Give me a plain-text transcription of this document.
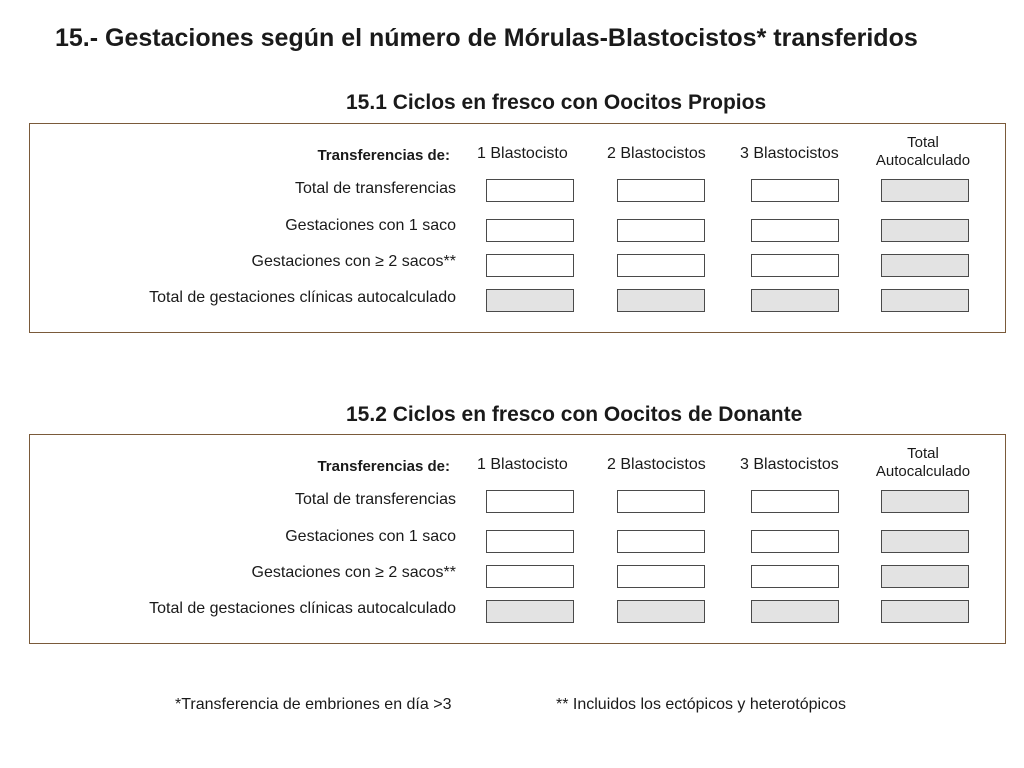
15.- Gestaciones según el número de Mórulas-Blastocistos* transferidos
15.1 Ciclos en fresco con Oocitos Propios
Transferencias de: 1 Blastocisto 2 Blastocistos 3 Blastocistos
Total
Autocalculado
Total de transferencias
Gestaciones con 1 saco
Gestaciones con ≥ 2 sacos**
Total de gestaciones clínicas autocalculado
15.2 Ciclos en fresco con Oocitos de Donante
Transferencias de: 1 Blastocisto 2 Blastocistos 3 Blastocistos
Total
Autocalculado
Total de transferencias
Gestaciones con 1 saco
Gestaciones con ≥ 2 sacos**
Total de gestaciones clínicas autocalculado
*Transferencia de embriones en día >3	** Incluidos los ectópicos y heterotópicos
